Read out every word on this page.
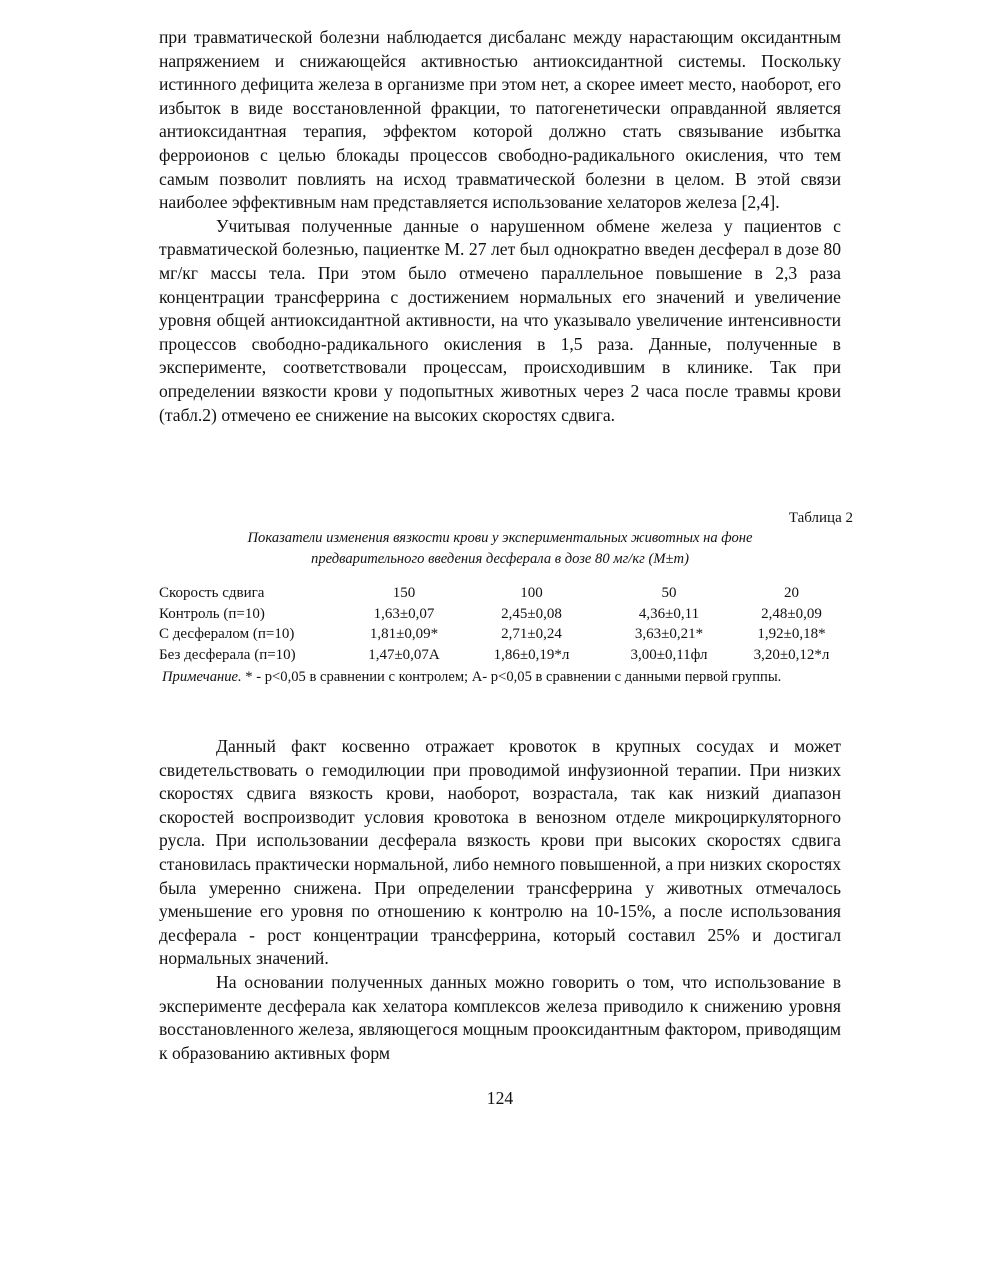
при травматической болезни наблюдается дисбаланс между нарастающим оксидантным напряжением и снижающейся активностью антиоксидантной системы. Поскольку истинного дефицита железа в организме при этом нет, а скорее имеет место, наоборот, его избыток в виде восстановленной фракции, то патогенетически оправданной является антиоксидантная терапия, эффектом которой должно стать связывание избытка ферроионов с целью блокады процессов свободно-радикального окисления, что тем самым позволит повлиять на исход травматической болезни в целом. В этой связи наиболее эффективным нам представляется использование хелаторов железа [2,4].

Учитывая полученные данные о нарушенном обмене железа у пациентов с травматической болезнью, пациентке М. 27 лет был однократно введен десферал в дозе 80 мг/кг массы тела. При этом было отмечено параллельное повышение в 2,3 раза концентрации трансферрина с достижением нормальных его значений и увеличение уровня общей антиоксидантной активности, на что указывало увеличение интенсивности процессов свободно-радикального окисления в 1,5 раза. Данные, полученные в эксперименте, соответствовали процессам, происходившим в клинике. Так при определении вязкости крови у подопытных животных через 2 часа после травмы крови (табл.2) отмечено ее снижение на высоких скоростях сдвига.

Таблица 2
Показатели изменения вязкости крови у экспериментальных животных на фоне предварительного введения десферала в дозе 80 мг/кг (M±m)
Скорость сдвига	150	100	50	20
Контроль (п=10)	1,63±0,07	2,45±0,08	4,36±0,11	2,48±0,09
С десфералом (п=10)	1,81±0,09*	2,71±0,24	3,63±0,21*	1,92±0,18*
Без десферала (п=10)	1,47±0,07А	1,86±0,19*л	3,00±0,11фл	3,20±0,12*л
Примечание. * - р<0,05 в сравнении с контролем; А- р<0,05 в сравнении с данными первой группы.

Данный факт косвенно отражает кровоток в крупных сосудах и может свидетельствовать о гемодилюции при проводимой инфузионной терапии. При низких скоростях сдвига вязкость крови, наоборот, возрастала, так как низкий диапазон скоростей воспроизводит условия кровотока в венозном отделе микроциркуляторного русла. При использовании десферала вязкость крови при высоких скоростях сдвига становилась практически нормальной, либо немного повышенной, а при низких скоростях была умеренно снижена. При определении трансферрина у животных отмечалось уменьшение его уровня по отношению к контролю на 10-15%, а после использования десферала - рост концентрации трансферрина, который составил 25% и достигал нормальных значений.

На основании полученных данных можно говорить о том, что использование в эксперименте десферала как хелатора комплексов железа приводило к снижению уровня восстановленного железа, являющегося мощным прооксидантным фактором, приводящим к образованию активных форм

124
